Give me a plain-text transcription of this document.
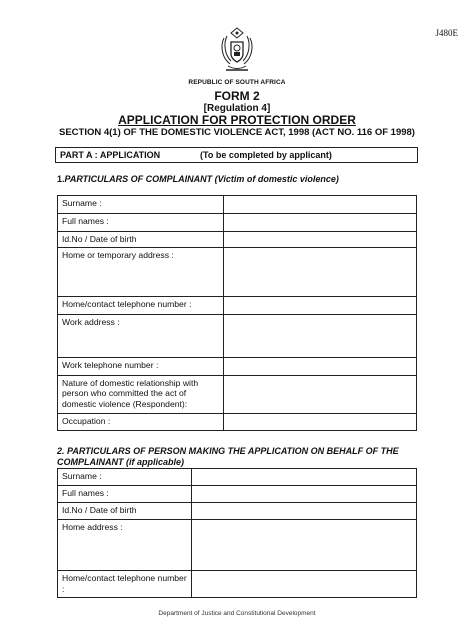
J480E
REPUBLIC OF SOUTH AFRICA
FORM 2
[Regulation 4]
APPLICATION FOR PROTECTION ORDER
SECTION 4(1) OF THE DOMESTIC VIOLENCE ACT, 1998 (ACT NO. 116 OF 1998)
PART A : APPLICATION	(To be completed by applicant)
1.PARTICULARS OF COMPLAINANT (Victim of domestic violence)
Surname :	
Full names :	
Id.No / Date of birth	
Home or temporary address :	
Home/contact telephone number :	
Work address :	
Work telephone number :	
Nature of domestic relationship with person who committed the act of domestic violence (Respondent):	
Occupation :	
2. PARTICULARS OF PERSON MAKING THE APPLICATION ON BEHALF OF THE COMPLAINANT (if applicable)
Surname :	
Full names :	
Id.No / Date of birth	
Home address :	
Home/contact telephone number :	
Department of Justice and Constitutional Development
